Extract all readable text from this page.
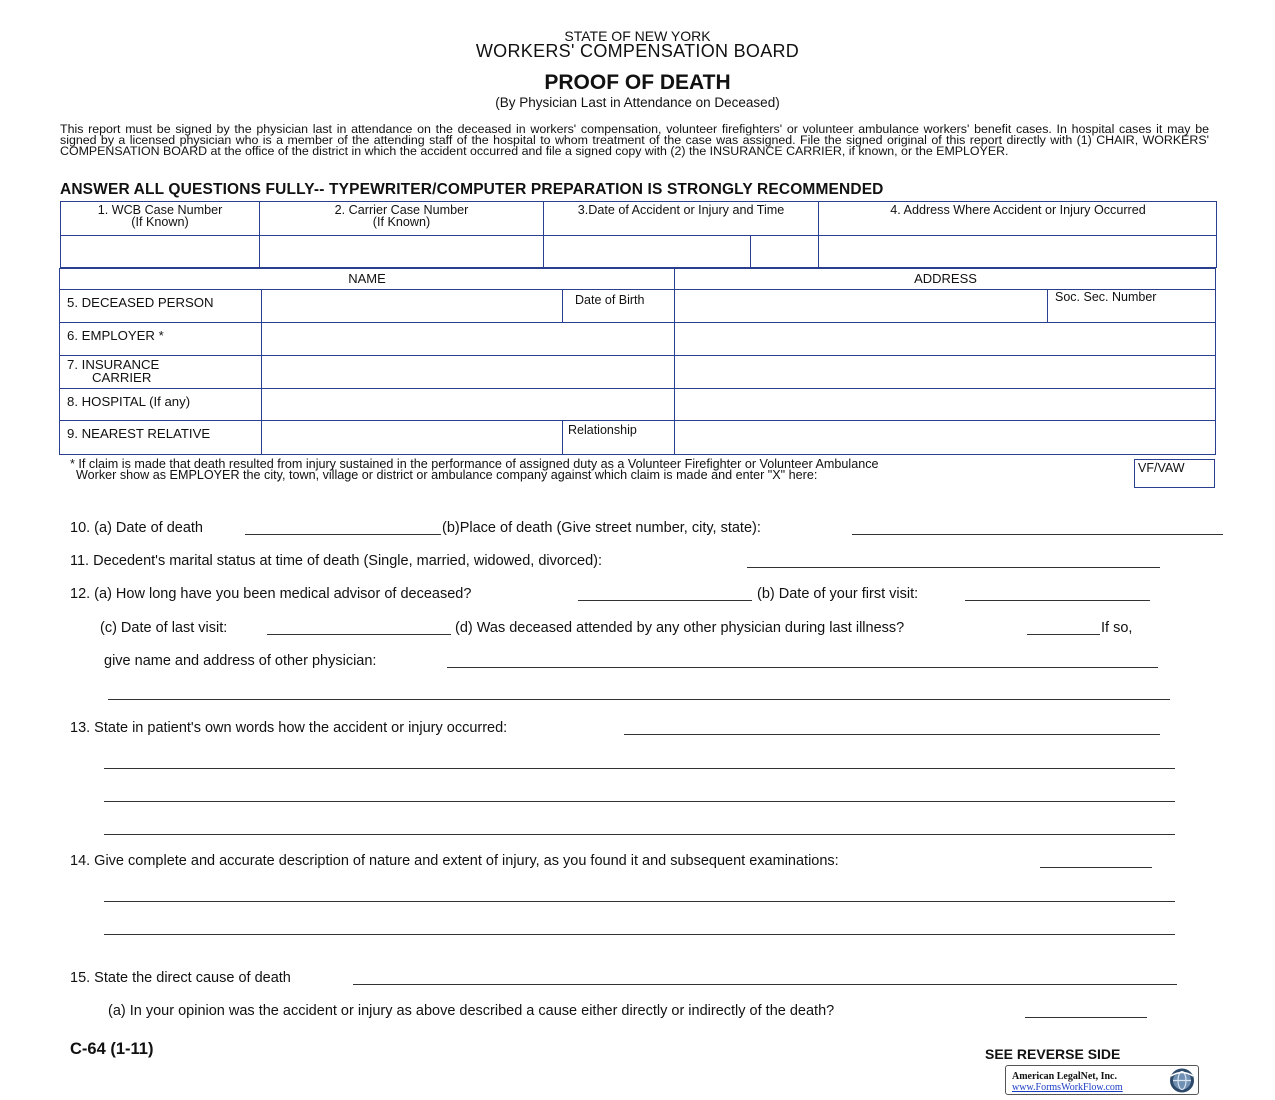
STATE OF NEW YORK
WORKERS' COMPENSATION BOARD
PROOF OF DEATH
(By Physician Last in Attendance on Deceased)
This report must be signed by the physician last in attendance on the deceased in workers' compensation, volunteer firefighters' or volunteer ambulance workers' benefit cases. In hospital cases it may be signed by a licensed physician who is a member of the attending staff of the hospital to whom treatment of the case was assigned. File the signed original of this report directly with (1) CHAIR, WORKERS' COMPENSATION BOARD at the office of the district in which the accident occurred and file a signed copy with (2) the INSURANCE CARRIER, if known, or the EMPLOYER.
ANSWER ALL QUESTIONS FULLY-- TYPEWRITER/COMPUTER PREPARATION IS STRONGLY RECOMMENDED
1. WCB Case Number
(If Known)
2. Carrier Case Number
(If Known)
3.Date of Accident or Injury and Time	4. Address Where Accident or Injury Occurred
NAME	ADDRESS
5. DECEASED PERSON	Date of Birth	Soc. Sec. Number
6. EMPLOYER *
7. INSURANCE
CARRIER
8. HOSPITAL (If any)
9. NEAREST RELATIVE	Relationship
* If claim is made that death resulted from injury sustained in the performance of assigned duty as a Volunteer Firefighter or Volunteer Ambulance
Worker show as EMPLOYER the city, town, village or district or ambulance company against which claim is made and enter "X" here:	VF/VAW
10. (a) Date of death	(b)Place of death (Give street number, city, state):
11. Decedent's marital status at time of death (Single, married, widowed, divorced):
12. (a) How long have you been medical advisor of deceased?	(b) Date of your first visit:
(c) Date of last visit:	(d) Was deceased attended by any other physician during last illness?	If so,
give name and address of other physician:
13. State in patient's own words how the accident or injury occurred:
14. Give complete and accurate description of nature and extent of injury, as you found it and subsequent examinations:
15. State the direct cause of death
(a) In your opinion was the accident or injury as above described a cause either directly or indirectly of the death?
C-64 (1-11)	SEE REVERSE SIDE
American LegalNet, Inc.
www.FormsWorkFlow.com
